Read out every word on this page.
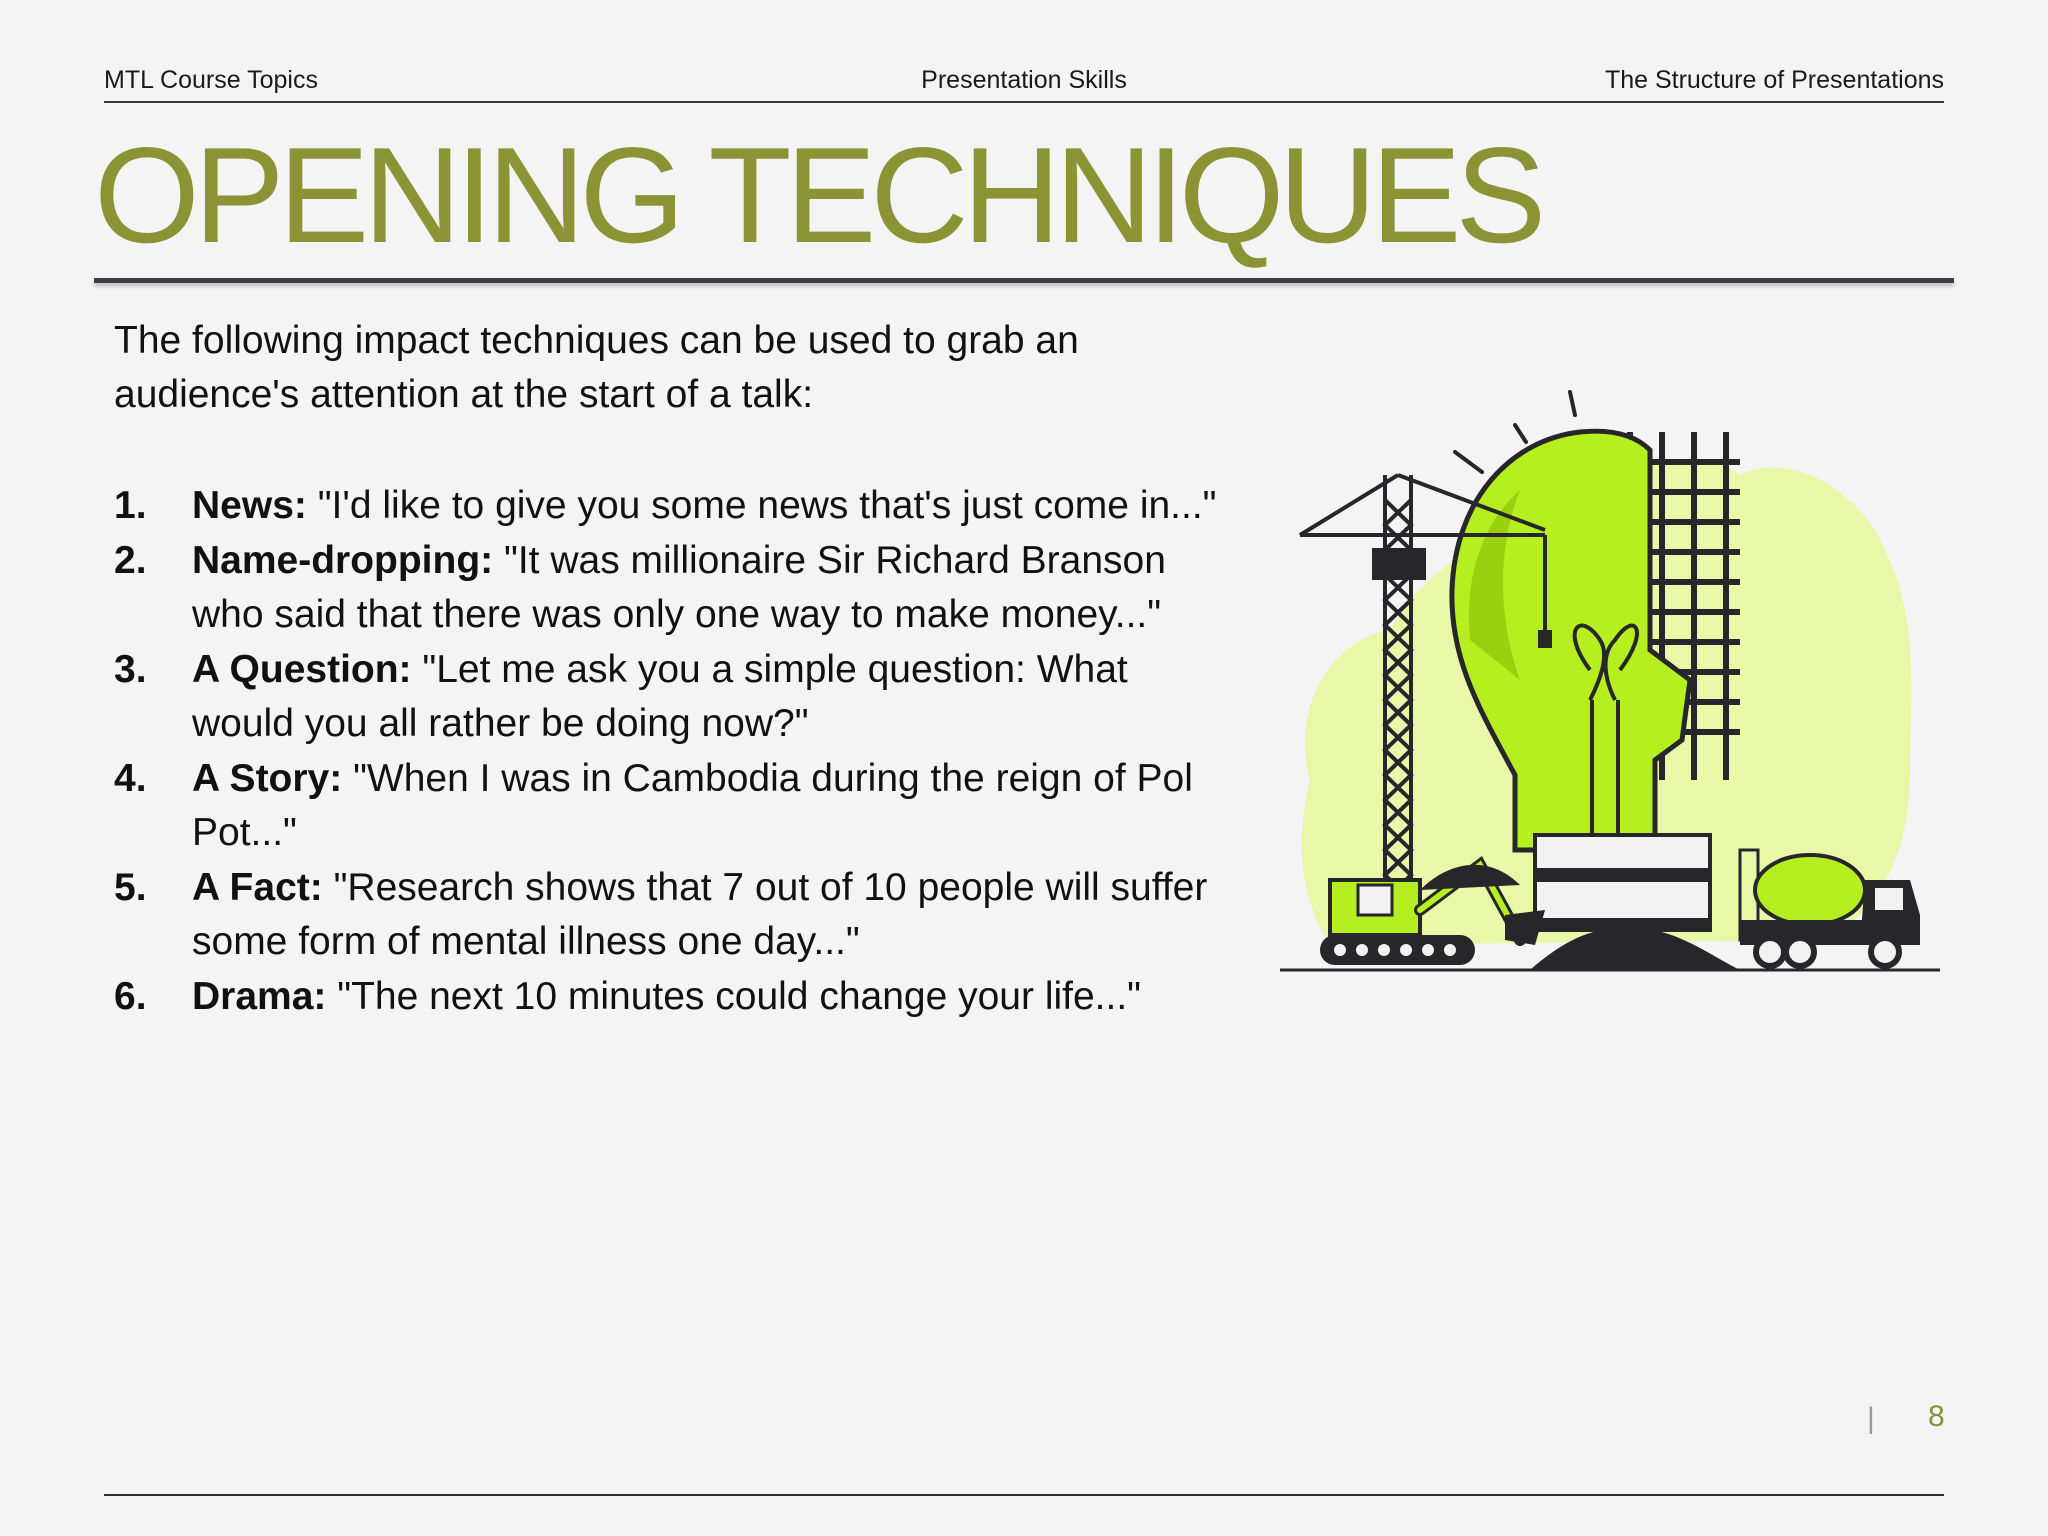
MTL Course Topics	Presentation Skills	The Structure of Presentations
OPENING TECHNIQUES
The following impact techniques can be used to grab an audience's attention at the start of a talk:
1. News: "I'd like to give you some news that's just come in..."
2. Name-dropping: "It was millionaire Sir Richard Branson who said that there was only one way to make money..."
3. A Question: "Let me ask you a simple question: What would you all rather be doing now?"
4. A Story: "When I was in Cambodia during the reign of Pol Pot..."
5. A Fact: "Research shows that 7 out of 10 people will suffer some form of mental illness one day..."
6. Drama: "The next 10 minutes could change your life..."
| 8
